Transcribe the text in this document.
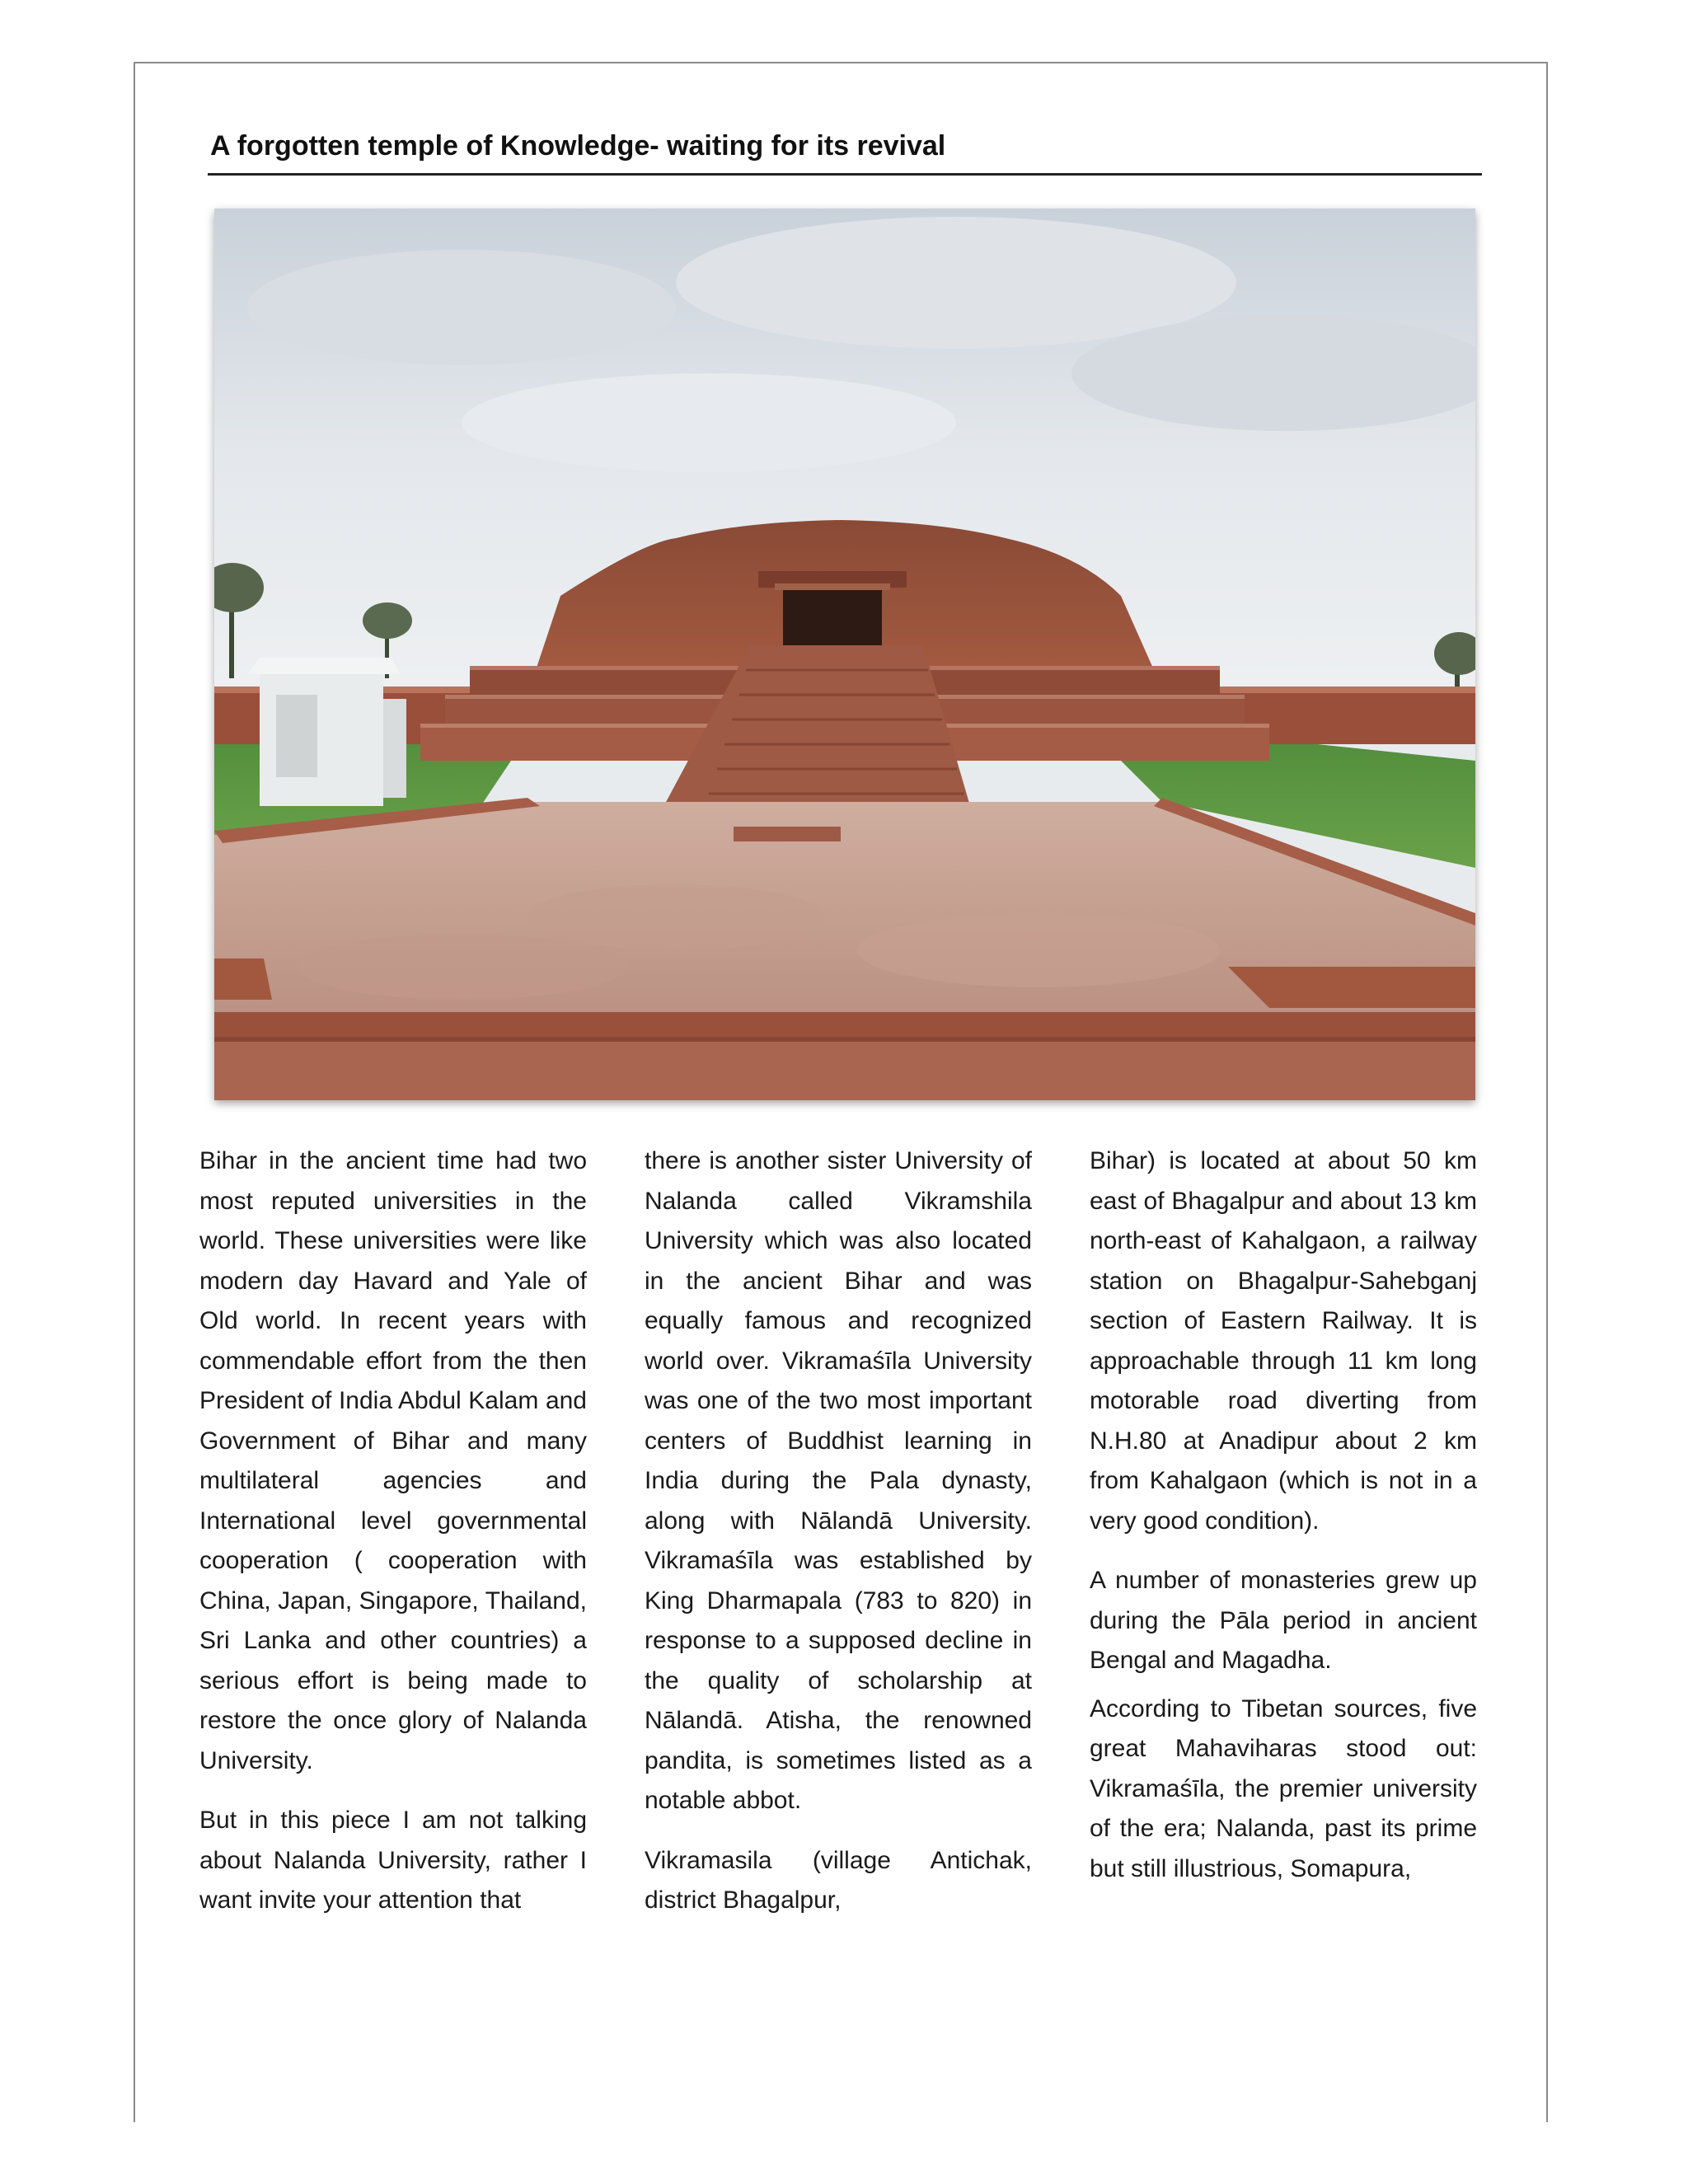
A forgotten temple of Knowledge- waiting for its revival

Bihar in the ancient time had two most reputed universities in the world. These universities were like modern day Havard and Yale of Old world. In recent years with commendable effort from the then President of India Abdul Kalam and Government of Bihar and many multilateral agencies and International level governmental cooperation ( cooperation with China, Japan, Singapore, Thailand, Sri Lanka and other countries) a serious effort is being made to restore the once glory of Nalanda University.

But in this piece I am not talking about Nalanda University, rather I want invite your attention that

there is another sister University of Nalanda called Vikramshila University which was also located in the ancient Bihar and was equally famous and recognized world over. Vikramaśīla University was one of the two most important centers of Buddhist learning in India during the Pala dynasty, along with Nālandā University. Vikramaśīla was established by King Dharmapala (783 to 820) in response to a supposed decline in the quality of scholarship at Nālandā. Atisha, the renowned pandita, is sometimes listed as a notable abbot.

Vikramasila (village Antichak, district Bhagalpur,

Bihar) is located at about 50 km east of Bhagalpur and about 13 km north-east of Kahalgaon, a railway station on Bhagalpur-Sahebganj section of Eastern Railway. It is approachable through 11 km long motorable road diverting from N.H.80 at Anadipur about 2 km from Kahalgaon (which is not in a very good condition).

A number of monasteries grew up during the Pāla period in ancient Bengal and Magadha.

According to Tibetan sources, five great Mahaviharas stood out: Vikramaśīla, the premier university of the era; Nalanda, past its prime but still illustrious, Somapura,
